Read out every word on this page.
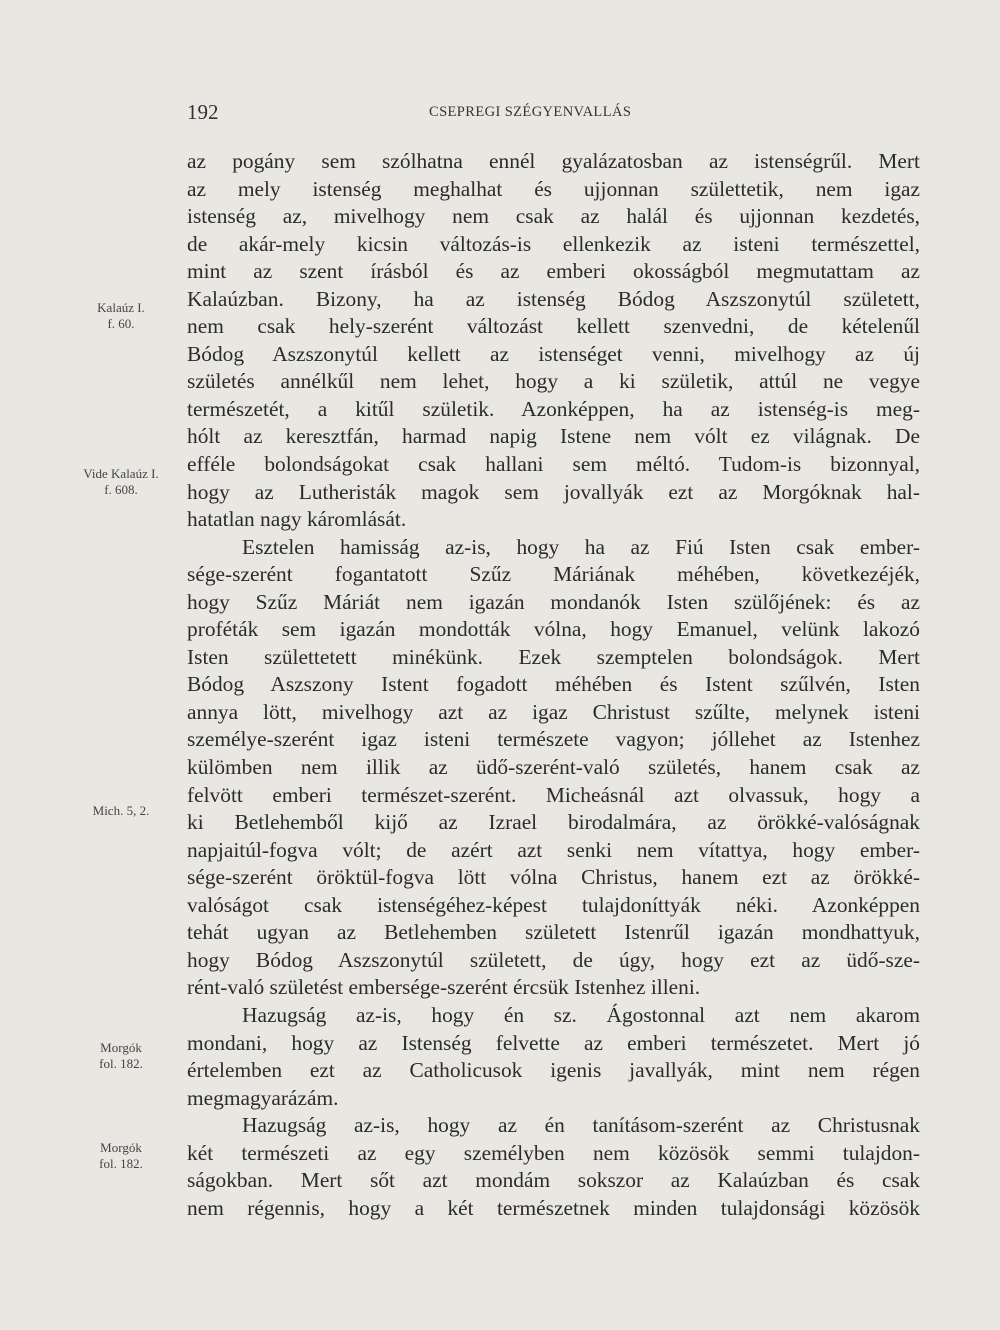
192	CSEPREGI SZÉGYENVALLÁS
az pogány sem szólhatna ennél gyalázatosban az istenségrűl. Mert
az mely istenség meghalhat és ujjonnan születtetik, nem igaz
istenség az, mivelhogy nem csak az halál és ujjonnan kezdetés,
de akár-mely kicsin változás-is ellenkezik az isteni természettel,
mint az szent írásból és az emberi okosságból megmutattam az
Kalaúzban. Bizony, ha az istenség Bódog Aszszonytúl született,
nem csak hely-szerént változást kellett szenvedni, de kételenűl
Bódog Aszszonytúl kellett az istenséget venni, mivelhogy az új
születés annélkűl nem lehet, hogy a ki születik, attúl ne vegye
természetét, a kitűl születik. Azonképpen, ha az istenség-is meg-
hólt az keresztfán, harmad napig Istene nem vólt ez világnak. De
efféle bolondságokat csak hallani sem méltó. Tudom-is bizonnyal,
hogy az Lutheristák magok sem jovallyák ezt az Morgóknak hal-
hatatlan nagy káromlását.
Esztelen hamisság az-is, hogy ha az Fiú Isten csak ember-
sége-szerént fogantatott Szűz Máriának méhében, következéjék,
hogy Szűz Máriát nem igazán mondanók Isten szülőjének: és az
proféták sem igazán mondották vólna, hogy Emanuel, velünk lakozó
Isten születtetett minékünk. Ezek szemptelen bolondságok. Mert
Bódog Aszszony Istent fogadott méhében és Istent szűlvén, Isten
annya lött, mivelhogy azt az igaz Christust szűlte, melynek isteni
személye-szerént igaz isteni természete vagyon; jóllehet az Istenhez
külömben nem illik az üdő-szerént-való születés, hanem csak az
felvött emberi természet-szerént. Micheásnál azt olvassuk, hogy a
ki Betlehemből kijő az Izrael birodalmára, az örökké-valóságnak
napjaitúl-fogva vólt; de azért azt senki nem vítattya, hogy ember-
sége-szerént öröktül-fogva lött vólna Christus, hanem ezt az örökké-
valóságot csak istenségéhez-képest tulajdoníttyák néki. Azonképpen
tehát ugyan az Betlehemben született Istenrűl igazán mondhattyuk,
hogy Bódog Aszszonytúl született, de úgy, hogy ezt az üdő-sze-
rént-való születést embersége-szerént ércsük Istenhez illeni.
Hazugság az-is, hogy én sz. Ágostonnal azt nem akarom
mondani, hogy az Istenség felvette az emberi természetet. Mert jó
értelemben ezt az Catholicusok igenis javallyák, mint nem régen
megmagyarázám.
Hazugság az-is, hogy az én tanításom-szerént az Christusnak
két természeti az egy személyben nem közösök semmi tulajdon-
ságokban. Mert sőt azt mondám sokszor az Kalaúzban és csak
nem régennis, hogy a két természetnek minden tulajdonsági közösök
Kalaúz I.
f. 60.
Vide Kalaúz I.
f. 608.
Mich. 5, 2.
Morgók
fol. 182.
Morgók
fol. 182.
